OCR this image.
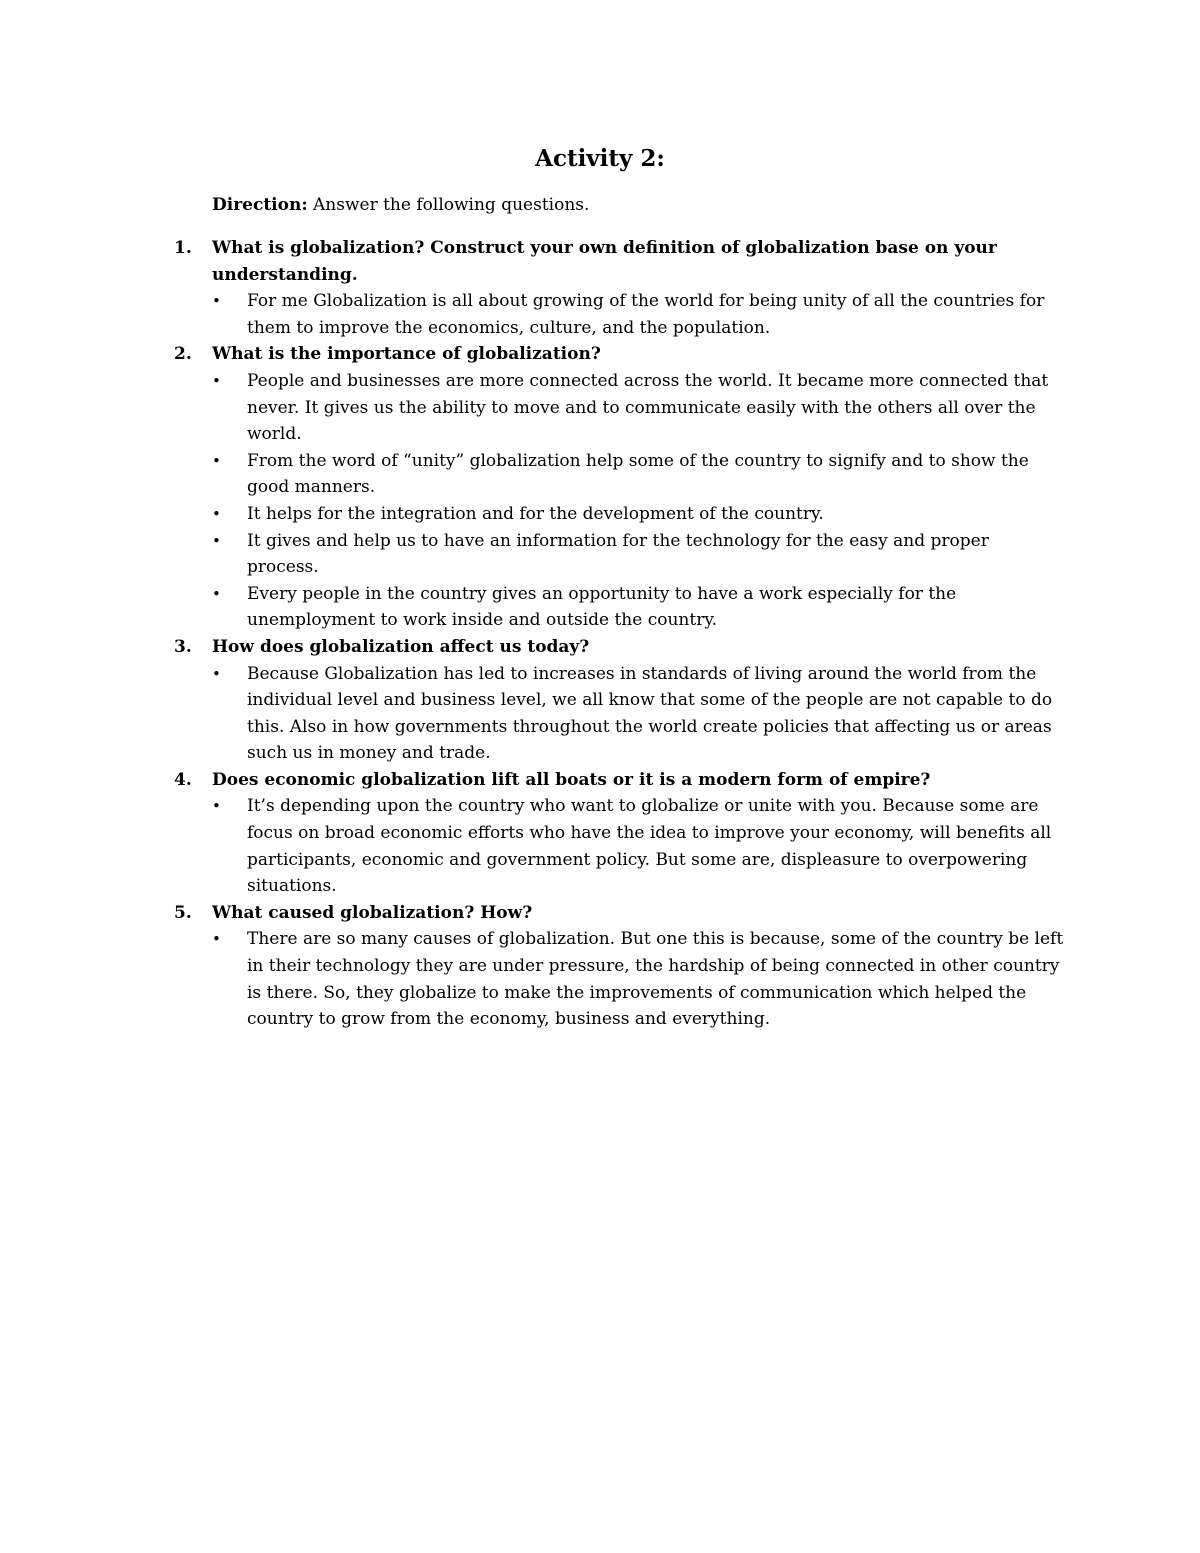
Activity 2:
Direction: Answer the following questions.
1. What is globalization? Construct your own definition of globalization base on your understanding.
• For me Globalization is all about growing of the world for being unity of all the countries for them to improve the economics, culture, and the population.
2. What is the importance of globalization?
• People and businesses are more connected across the world. It became more connected that never. It gives us the ability to move and to communicate easily with the others all over the world.
• From the word of “unity” globalization help some of the country to signify and to show the good manners.
• It helps for the integration and for the development of the country.
• It gives and help us to have an information for the technology for the easy and proper process.
• Every people in the country gives an opportunity to have a work especially for the unemployment to work inside and outside the country.
3. How does globalization affect us today?
• Because Globalization has led to increases in standards of living around the world from the individual level and business level, we all know that some of the people are not capable to do this. Also in how governments throughout the world create policies that affecting us or areas such us in money and trade.
4. Does economic globalization lift all boats or it is a modern form of empire?
• It’s depending upon the country who want to globalize or unite with you. Because some are focus on broad economic efforts who have the idea to improve your economy, will benefits all participants, economic and government policy. But some are, displeasure to overpowering situations.
5. What caused globalization? How?
• There are so many causes of globalization. But one this is because, some of the country be left in their technology they are under pressure, the hardship of being connected in other country is there. So, they globalize to make the improvements of communication which helped the country to grow from the economy, business and everything.
